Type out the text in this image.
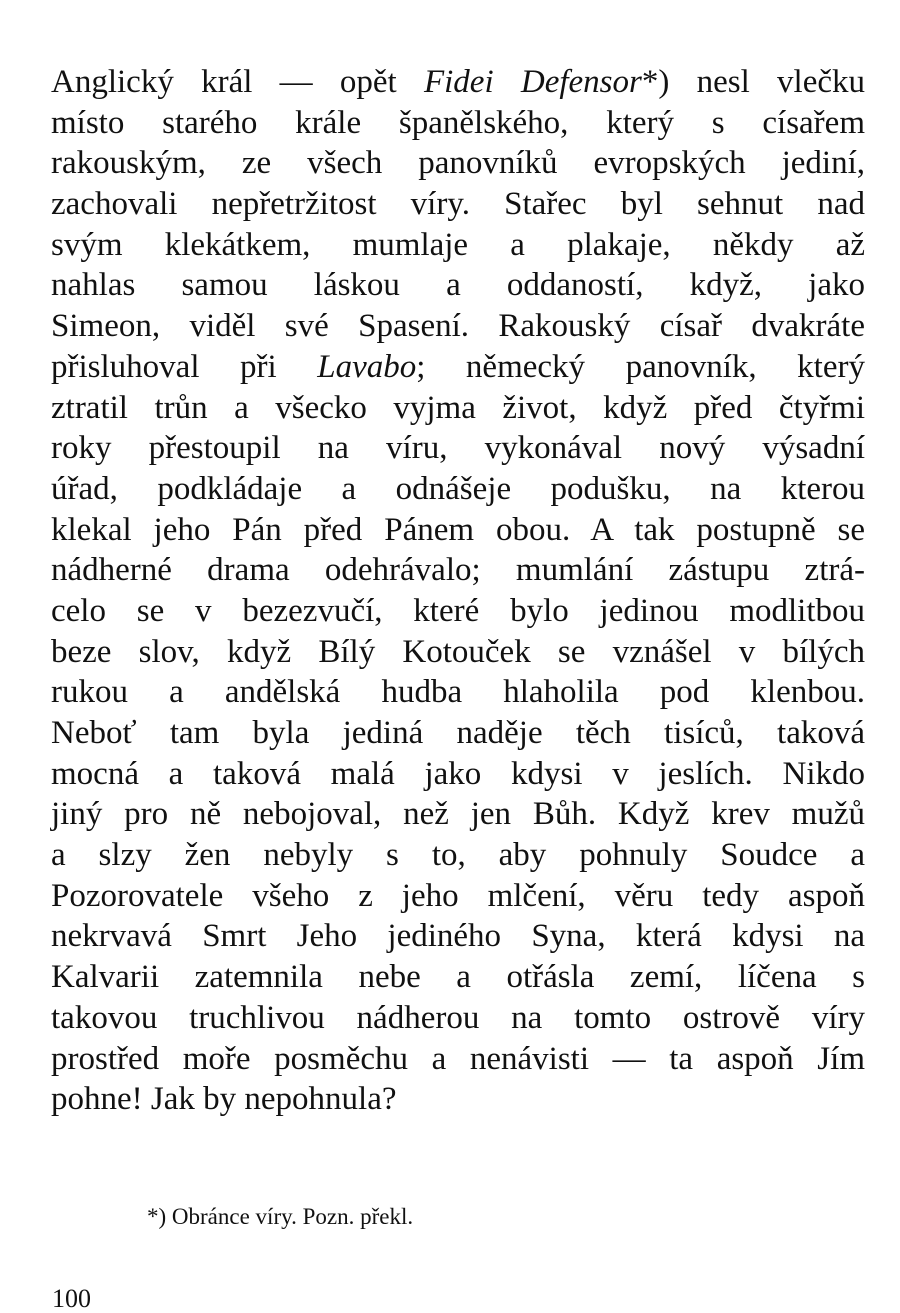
Anglický král — opět Fidei Defensor*) nesl vlečku
místo starého krále španělského, který s císařem
rakouským, ze všech panovníků evropských jediní,
zachovali nepřetržitost víry. Stařec byl sehnut nad
svým klekátkem, mumlaje a plakaje, někdy až
nahlas samou láskou a oddaností, když, jako
Simeon, viděl své Spasení. Rakouský císař dvakráte
přisluhoval při Lavabo; německý panovník, který
ztratil trůn a všecko vyjma život, když před čtyřmi
roky přestoupil na víru, vykonával nový výsadní
úřad, podkládaje a odnášeje podušku, na kterou
klekal jeho Pán před Pánem obou. A tak postupně se
nádherné drama odehrávalo; mumlání zástupu ztrá-
celo se v bezezvučí, které bylo jedinou modlitbou
beze slov, když Bílý Kotouček se vznášel v bílých
rukou a andělská hudba hlaholila pod klenbou.
Neboť tam byla jediná naděje těch tisíců, taková
mocná a taková malá jako kdysi v jeslích. Nikdo
jiný pro ně nebojoval, než jen Bůh. Když krev mužů
a slzy žen nebyly s to, aby pohnuly Soudce a
Pozorovatele všeho z jeho mlčení, věru tedy aspoň
nekrvavá Smrt Jeho jediného Syna, která kdysi na
Kalvarii zatemnila nebe a otřásla zemí, líčena s
takovou truchlivou nádherou na tomto ostrově víry
prostřed moře posměchu a nenávisti — ta aspoň Jím
pohne! Jak by nepohnula?
*) Obránce víry. Pozn. překl.
100
